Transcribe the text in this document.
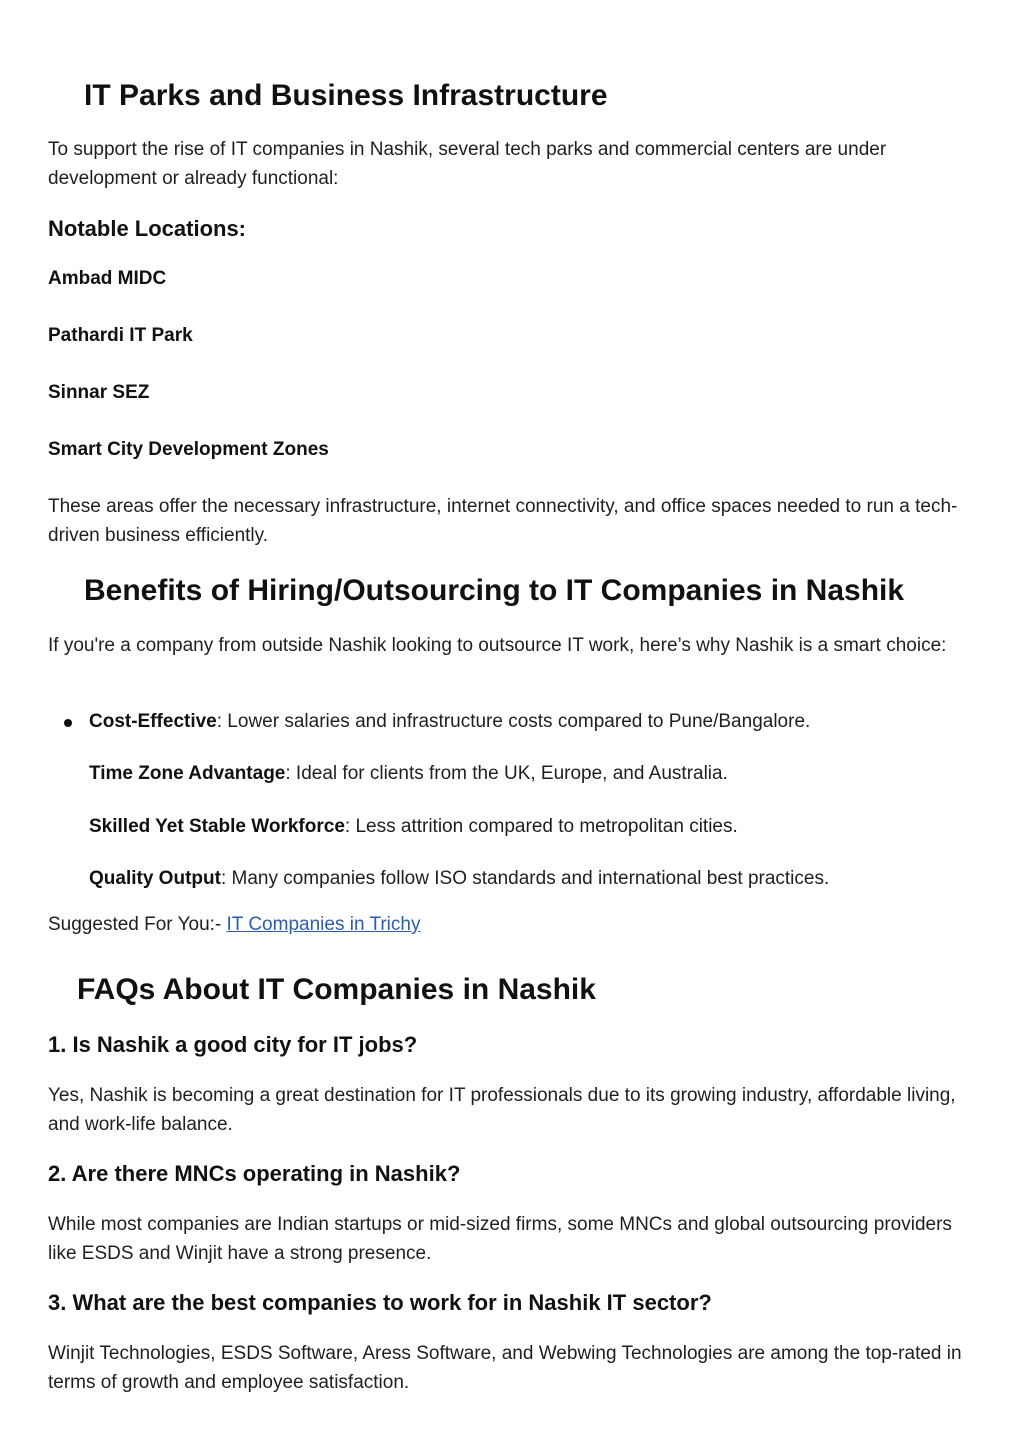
IT Parks and Business Infrastructure

To support the rise of IT companies in Nashik, several tech parks and commercial centers are under development or already functional:

Notable Locations:
Ambad MIDC
Pathardi IT Park
Sinnar SEZ
Smart City Development Zones

These areas offer the necessary infrastructure, internet connectivity, and office spaces needed to run a tech-driven business efficiently.

Benefits of Hiring/Outsourcing to IT Companies in Nashik

If you're a company from outside Nashik looking to outsource IT work, here’s why Nashik is a smart choice:

Cost-Effective: Lower salaries and infrastructure costs compared to Pune/Bangalore.
Time Zone Advantage: Ideal for clients from the UK, Europe, and Australia.
Skilled Yet Stable Workforce: Less attrition compared to metropolitan cities.
Quality Output: Many companies follow ISO standards and international best practices.
Suggested For You:- IT Companies in Trichy
FAQs About IT Companies in Nashik
1. Is Nashik a good city for IT jobs?

Yes, Nashik is becoming a great destination for IT professionals due to its growing industry, affordable living, and work-life balance.

2. Are there MNCs operating in Nashik?

While most companies are Indian startups or mid-sized firms, some MNCs and global outsourcing providers like ESDS and Winjit have a strong presence.

3. What are the best companies to work for in Nashik IT sector?

Winjit Technologies, ESDS Software, Aress Software, and Webwing Technologies are among the top-rated in terms of growth and employee satisfaction.
